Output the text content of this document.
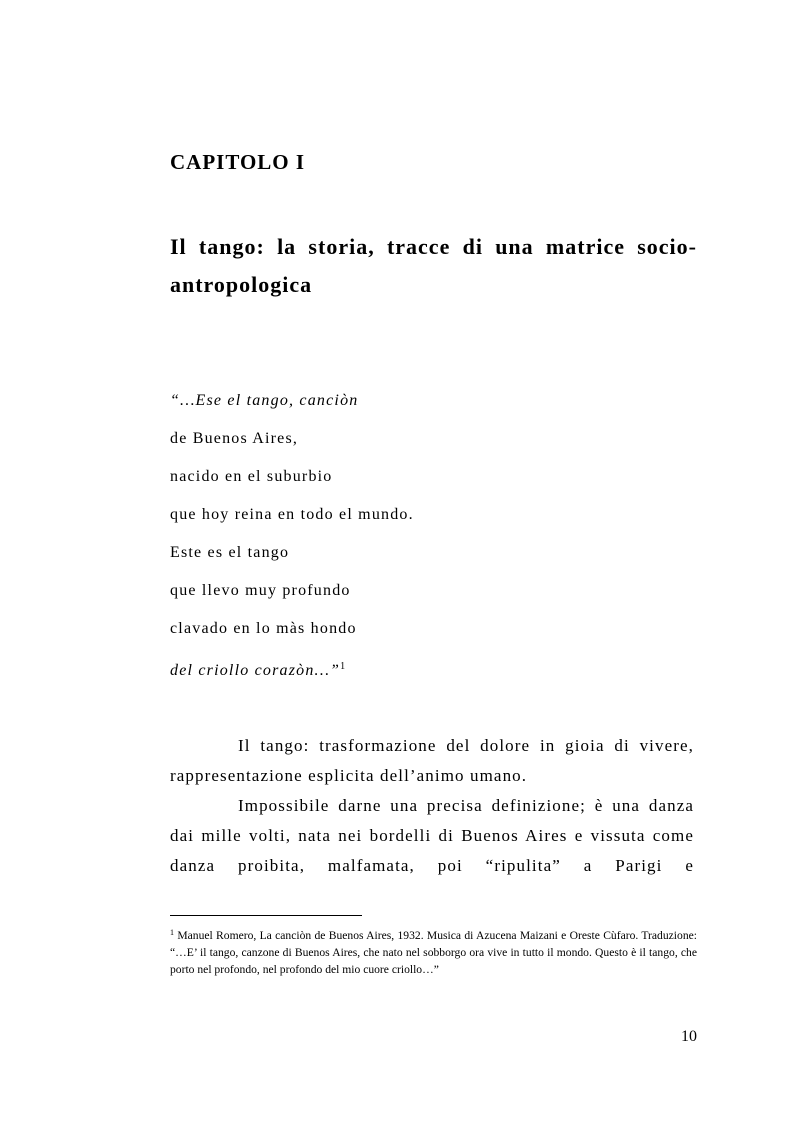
CAPITOLO I
Il tango: la storia, tracce di una matrice socio-
antropologica
“…Ese el tango, canciòn
de Buenos Aires,
nacido en el suburbio
que hoy reina en todo el mundo.
Este es el tango
que llevo muy profundo
clavado en lo màs hondo
del criollo corazòn…”$^1$

Il tango: trasformazione del dolore in gioia di vivere, rappresentazione esplicita dell’animo umano.

Impossibile darne una precisa definizione; è una danza dai mille volti, nata nei bordelli di Buenos Aires e vissuta come danza proibita, malfamata, poi “ripulita” a Parigi e

$^1$ Manuel Romero, La canciòn de Buenos Aires, 1932. Musica di Azucena Maizani e Oreste Cùfaro. Traduzione: “…E’ il tango, canzone di Buenos Aires, che nato nel sobborgo ora vive in tutto il mondo. Questo è il tango, che porto nel profondo, nel profondo del mio cuore criollo…”

10
